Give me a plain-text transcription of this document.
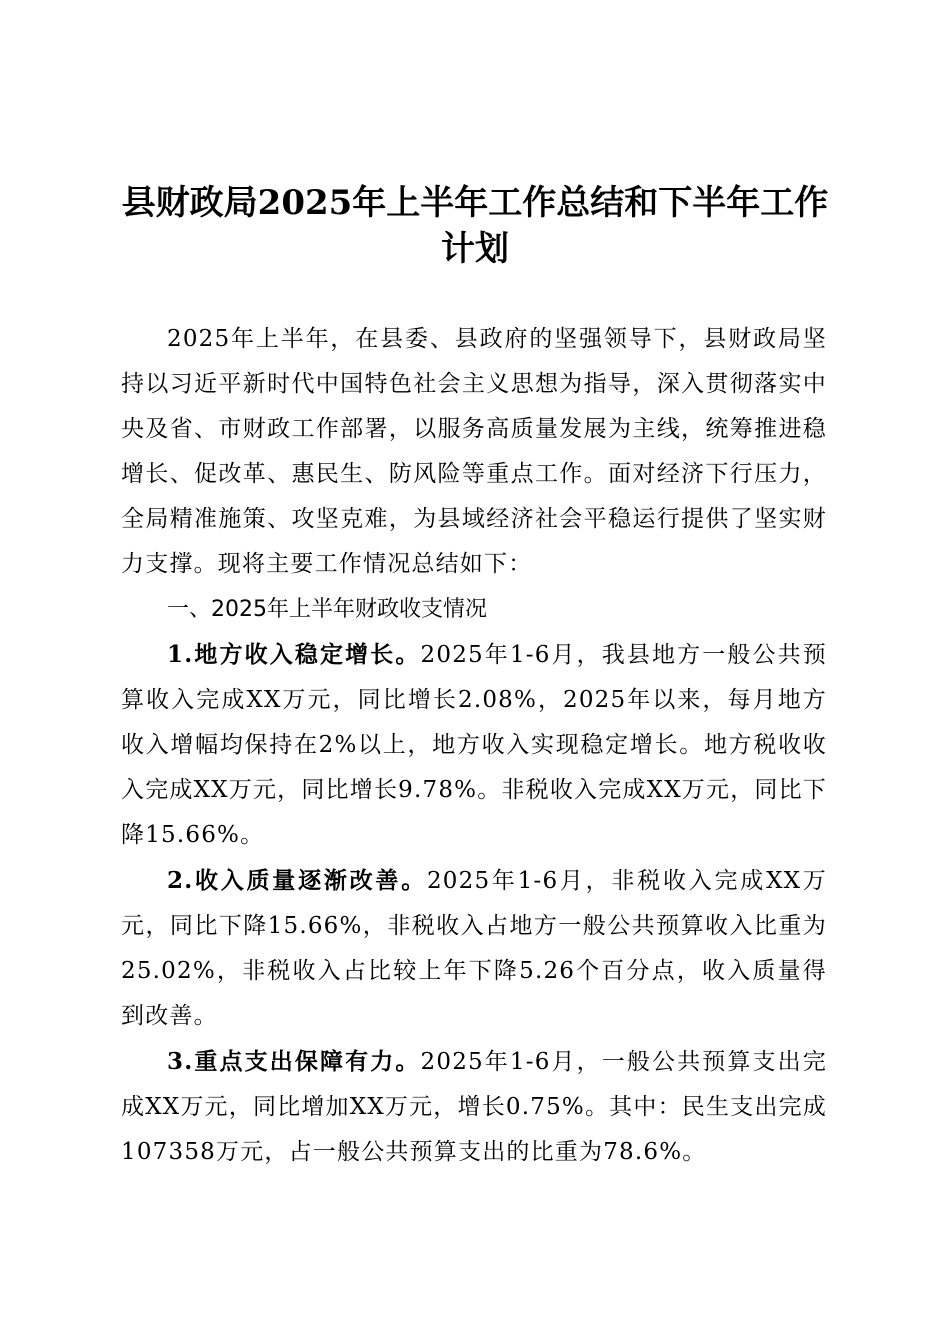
县财政局2025年上半年工作总结和下半年工作计划

2025年上半年，在县委、县政府的坚强领导下，县财政局坚持以习近平新时代中国特色社会主义思想为指导，深入贯彻落实中央及省、市财政工作部署，以服务高质量发展为主线，统筹推进稳增长、促改革、惠民生、防风险等重点工作。面对经济下行压力，全局精准施策、攻坚克难，为县域经济社会平稳运行提供了坚实财力支撑。现将主要工作情况总结如下：

一、2025年上半年财政收支情况

1.地方收入稳定增长。2025年1-6月，我县地方一般公共预算收入完成XX万元，同比增长2.08%，2025年以来，每月地方收入增幅均保持在2%以上，地方收入实现稳定增长。地方税收收入完成XX万元，同比增长9.78%。非税收入完成XX万元，同比下降15.66%。

2.收入质量逐渐改善。2025年1-6月，非税收入完成XX万元，同比下降15.66%，非税收入占地方一般公共预算收入比重为25.02%，非税收入占比较上年下降5.26个百分点，收入质量得到改善。

3.重点支出保障有力。2025年1-6月，一般公共预算支出完成XX万元，同比增加XX万元，增长0.75%。其中：民生支出完成107358万元，占一般公共预算支出的比重为78.6%。
